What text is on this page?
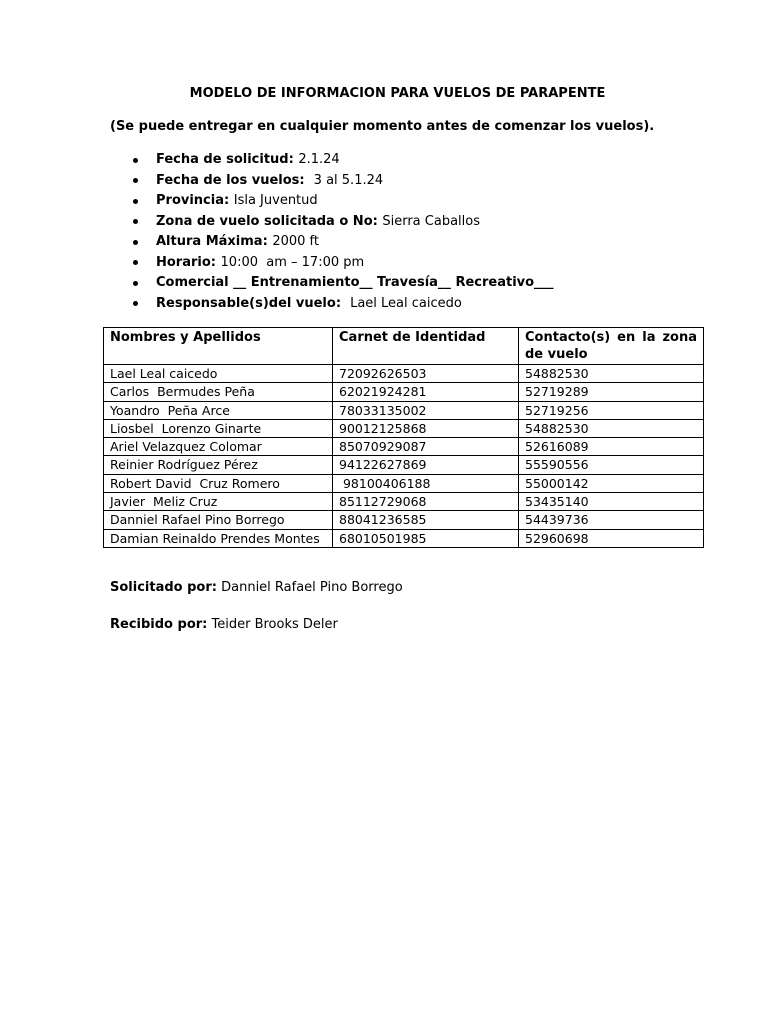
MODELO DE INFORMACION PARA VUELOS DE PARAPENTE
(Se puede entregar en cualquier momento antes de comenzar los vuelos).
Fecha de solicitud: 2.1.24
Fecha de los vuelos:  3 al 5.1.24
Provincia: Isla Juventud
Zona de vuelo solicitada o No: Sierra Caballos
Altura Máxima: 2000 ft
Horario: 10:00  am – 17:00 pm
Comercial __ Entrenamiento__ Travesía__ Recreativo___
Responsable(s)del vuelo:  Lael Leal caicedo
Nombres y Apellidos	Carnet de Identidad	Contacto(s) en la zona de vuelo
Lael Leal caicedo	72092626503	54882530
Carlos  Bermudes Peña	62021924281	52719289
Yoandro  Peña Arce	78033135002	52719256
Liosbel  Lorenzo Ginarte	90012125868	54882530
Ariel Velazquez Colomar	85070929087	52616089
Reinier Rodríguez Pérez	94122627869	55590556
Robert David  Cruz Romero	98100406188	55000142
Javier  Meliz Cruz	85112729068	53435140
Danniel Rafael Pino Borrego	88041236585	54439736
Damian Reinaldo Prendes Montes	68010501985	52960698
Solicitado por: Danniel Rafael Pino Borrego
Recibido por: Teider Brooks Deler
